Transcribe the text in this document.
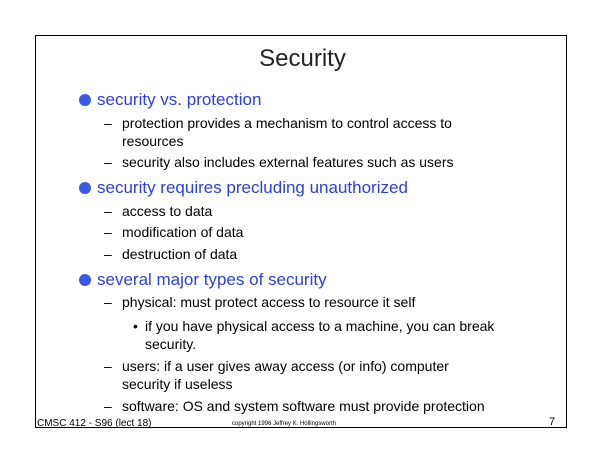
Security
security vs. protection
– protection provides a mechanism to control access to
resources
– security also includes external features such as users
security requires precluding unauthorized
– access to data
– modification of data
– destruction of data
several major types of security
– physical: must protect access to resource it self
• if you have physical access to a machine, you can break
security.
– users: if a user gives away access (or info) computer
security if useless
– software: OS and system software must provide protection
CMSC 412 - S96 (lect 18)	copyright 1996 Jeffrey K. Hollingsworth	7
